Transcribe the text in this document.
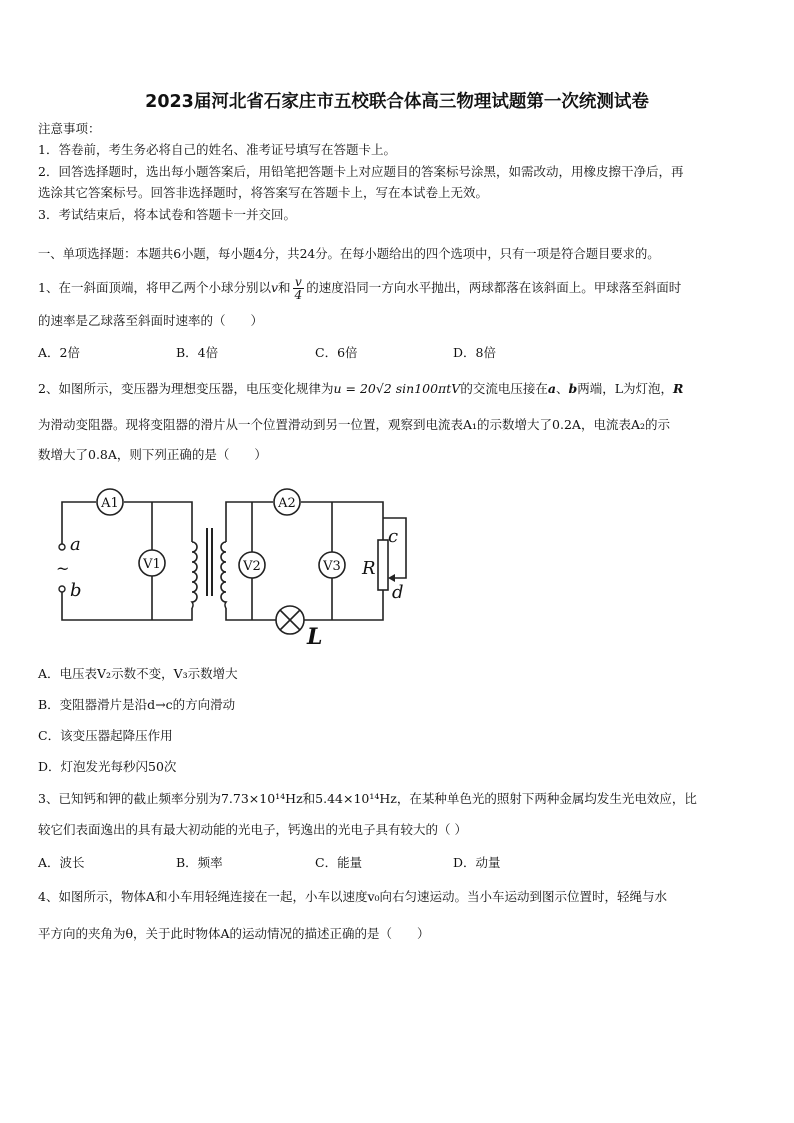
2023届河北省石家庄市五校联合体高三物理试题第一次统测试卷
注意事项：
1．答卷前，考生务必将自己的姓名、准考证号填写在答题卡上。
2．回答选择题时，选出每小题答案后，用铅笔把答题卡上对应题目的答案标号涂黑，如需改动，用橡皮擦干净后，再
选涂其它答案标号。回答非选择题时，将答案写在答题卡上，写在本试卷上无效。
3．考试结束后，将本试卷和答题卡一并交回。
一、单项选择题：本题共6小题，每小题4分，共24分。在每小题给出的四个选项中，只有一项是符合题目要求的。
1、在一斜面顶端，将甲乙两个小球分别以v和 $\frac{v}{4}$ 的速度沿同一方向水平抛出，两球都落在该斜面上。甲球落至斜面时
的速率是乙球落至斜面时速率的（　　）
A．2倍	B．4倍	C．6倍	D．8倍
2、如图所示，变压器为理想变压器，电压变化规律为u = 20√2 sin100πtV的交流电压接在a、b两端，L为灯泡，R
为滑动变阻器。现将变阻器的滑片从一个位置滑动到另一位置，观察到电流表A₁的示数增大了0.2A，电流表A₂的示
数增大了0.8A，则下列正确的是（　　）
A1	A2
V1	V2	V3
a
~
b
c
R
d
L
A．电压表V₂示数不变，V₃示数增大
B．变阻器滑片是沿d→c的方向滑动
C．该变压器起降压作用
D．灯泡发光每秒闪50次
3、已知钙和钾的截止频率分别为7.73×10¹⁴Hz和5.44×10¹⁴Hz，在某种单色光的照射下两种金属均发生光电效应，比
较它们表面逸出的具有最大初动能的光电子，钙逸出的光电子具有较大的（ ）
A．波长	B．频率	C．能量	D．动量
4、如图所示，物体A和小车用轻绳连接在一起，小车以速度v₀向右匀速运动。当小车运动到图示位置时，轻绳与水
平方向的夹角为θ，关于此时物体A的运动情况的描述正确的是（　　）
